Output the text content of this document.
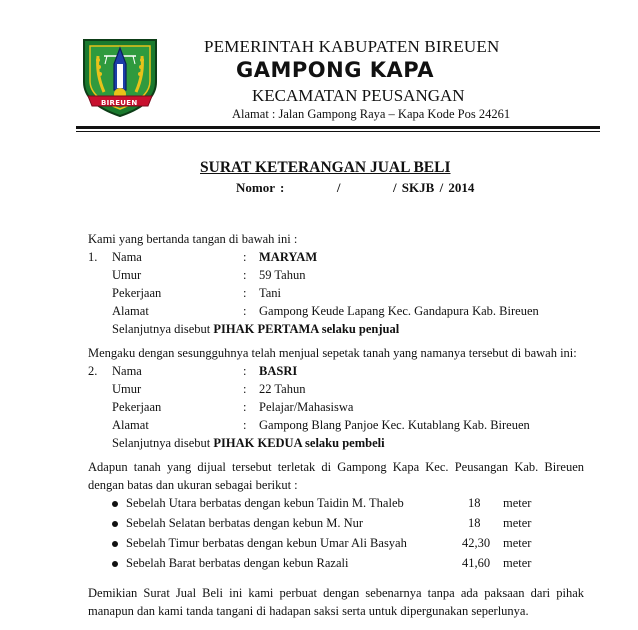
BIREUEN
PEMERINTAH KABUPATEN BIREUEN
GAMPONG KAPA
KECAMATAN PEUSANGAN
Alamat : Jalan Gampong Raya – Kapa Kode Pos 24261
SURAT KETERANGAN JUAL BELI
Nomor :          /          / SKJB / 2014
Kami yang bertanda tangan di bawah ini :
1. Nama	: MARYAM
Umur	: 59 Tahun
Pekerjaan	: Tani
Alamat	: Gampong Keude Lapang Kec. Gandapura Kab. Bireuen
Selanjutnya disebut PIHAK PERTAMA selaku penjual
Mengaku dengan sesungguhnya telah menjual sepetak tanah yang namanya tersebut di bawah ini:
2. Nama	: BASRI
Umur	: 22 Tahun
Pekerjaan	: Pelajar/Mahasiswa
Alamat	: Gampong Blang Panjoe Kec. Kutablang Kab. Bireuen
Selanjutnya disebut PIHAK KEDUA selaku pembeli
Adapun tanah yang dijual tersebut terletak di Gampong Kapa Kec. Peusangan Kab. Bireuen
dengan batas dan ukuran sebagai berikut :
Sebelah Utara berbatas dengan kebun Taidin M. Thaleb	18 meter
Sebelah Selatan berbatas dengan kebun M. Nur	18 meter
Sebelah Timur berbatas dengan kebun Umar Ali Basyah	42,30 meter
Sebelah Barat berbatas dengan kebun Razali	41,60 meter
Demikian Surat Jual Beli ini kami perbuat dengan sebenarnya tanpa ada paksaan dari pihak
manapun dan kami tanda tangani di hadapan saksi serta untuk dipergunakan seperlunya.
